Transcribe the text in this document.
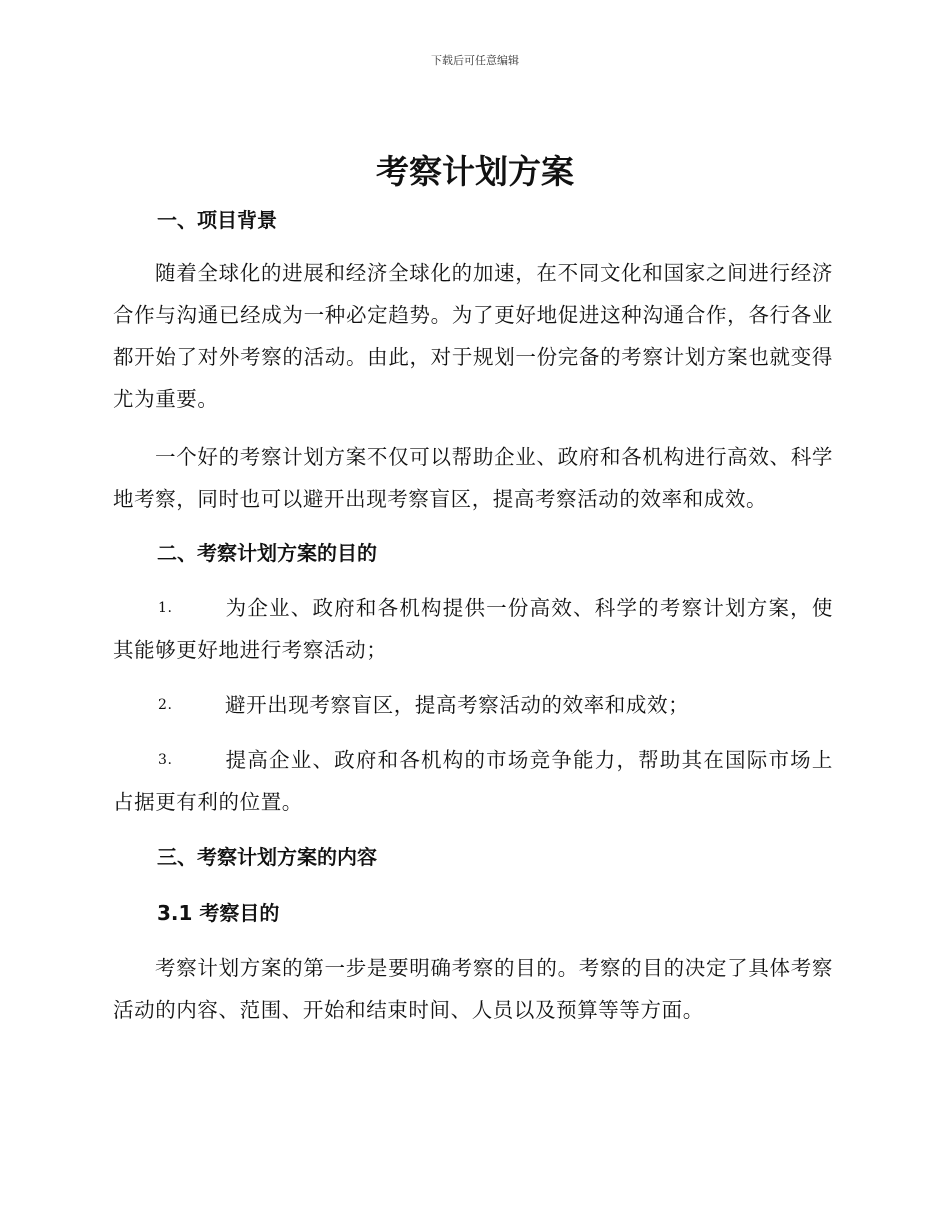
下载后可任意编辑
考察计划方案
一、项目背景

随着全球化的进展和经济全球化的加速，在不同文化和国家之间进行经济合作与沟通已经成为一种必定趋势。为了更好地促进这种沟通合作，各行各业都开始了对外考察的活动。由此，对于规划一份完备的考察计划方案也就变得尤为重要。

一个好的考察计划方案不仅可以帮助企业、政府和各机构进行高效、科学地考察，同时也可以避开出现考察盲区，提高考察活动的效率和成效。

二、考察计划方案的目的

1.	为企业、政府和各机构提供一份高效、科学的考察计划方案，使其能够更好地进行考察活动；

2.	避开出现考察盲区，提高考察活动的效率和成效；

3.	提高企业、政府和各机构的市场竞争能力，帮助其在国际市场上占据更有利的位置。

三、考察计划方案的内容
3.1 考察目的

考察计划方案的第一步是要明确考察的目的。考察的目的决定了具体考察活动的内容、范围、开始和结束时间、人员以及预算等等方面。
